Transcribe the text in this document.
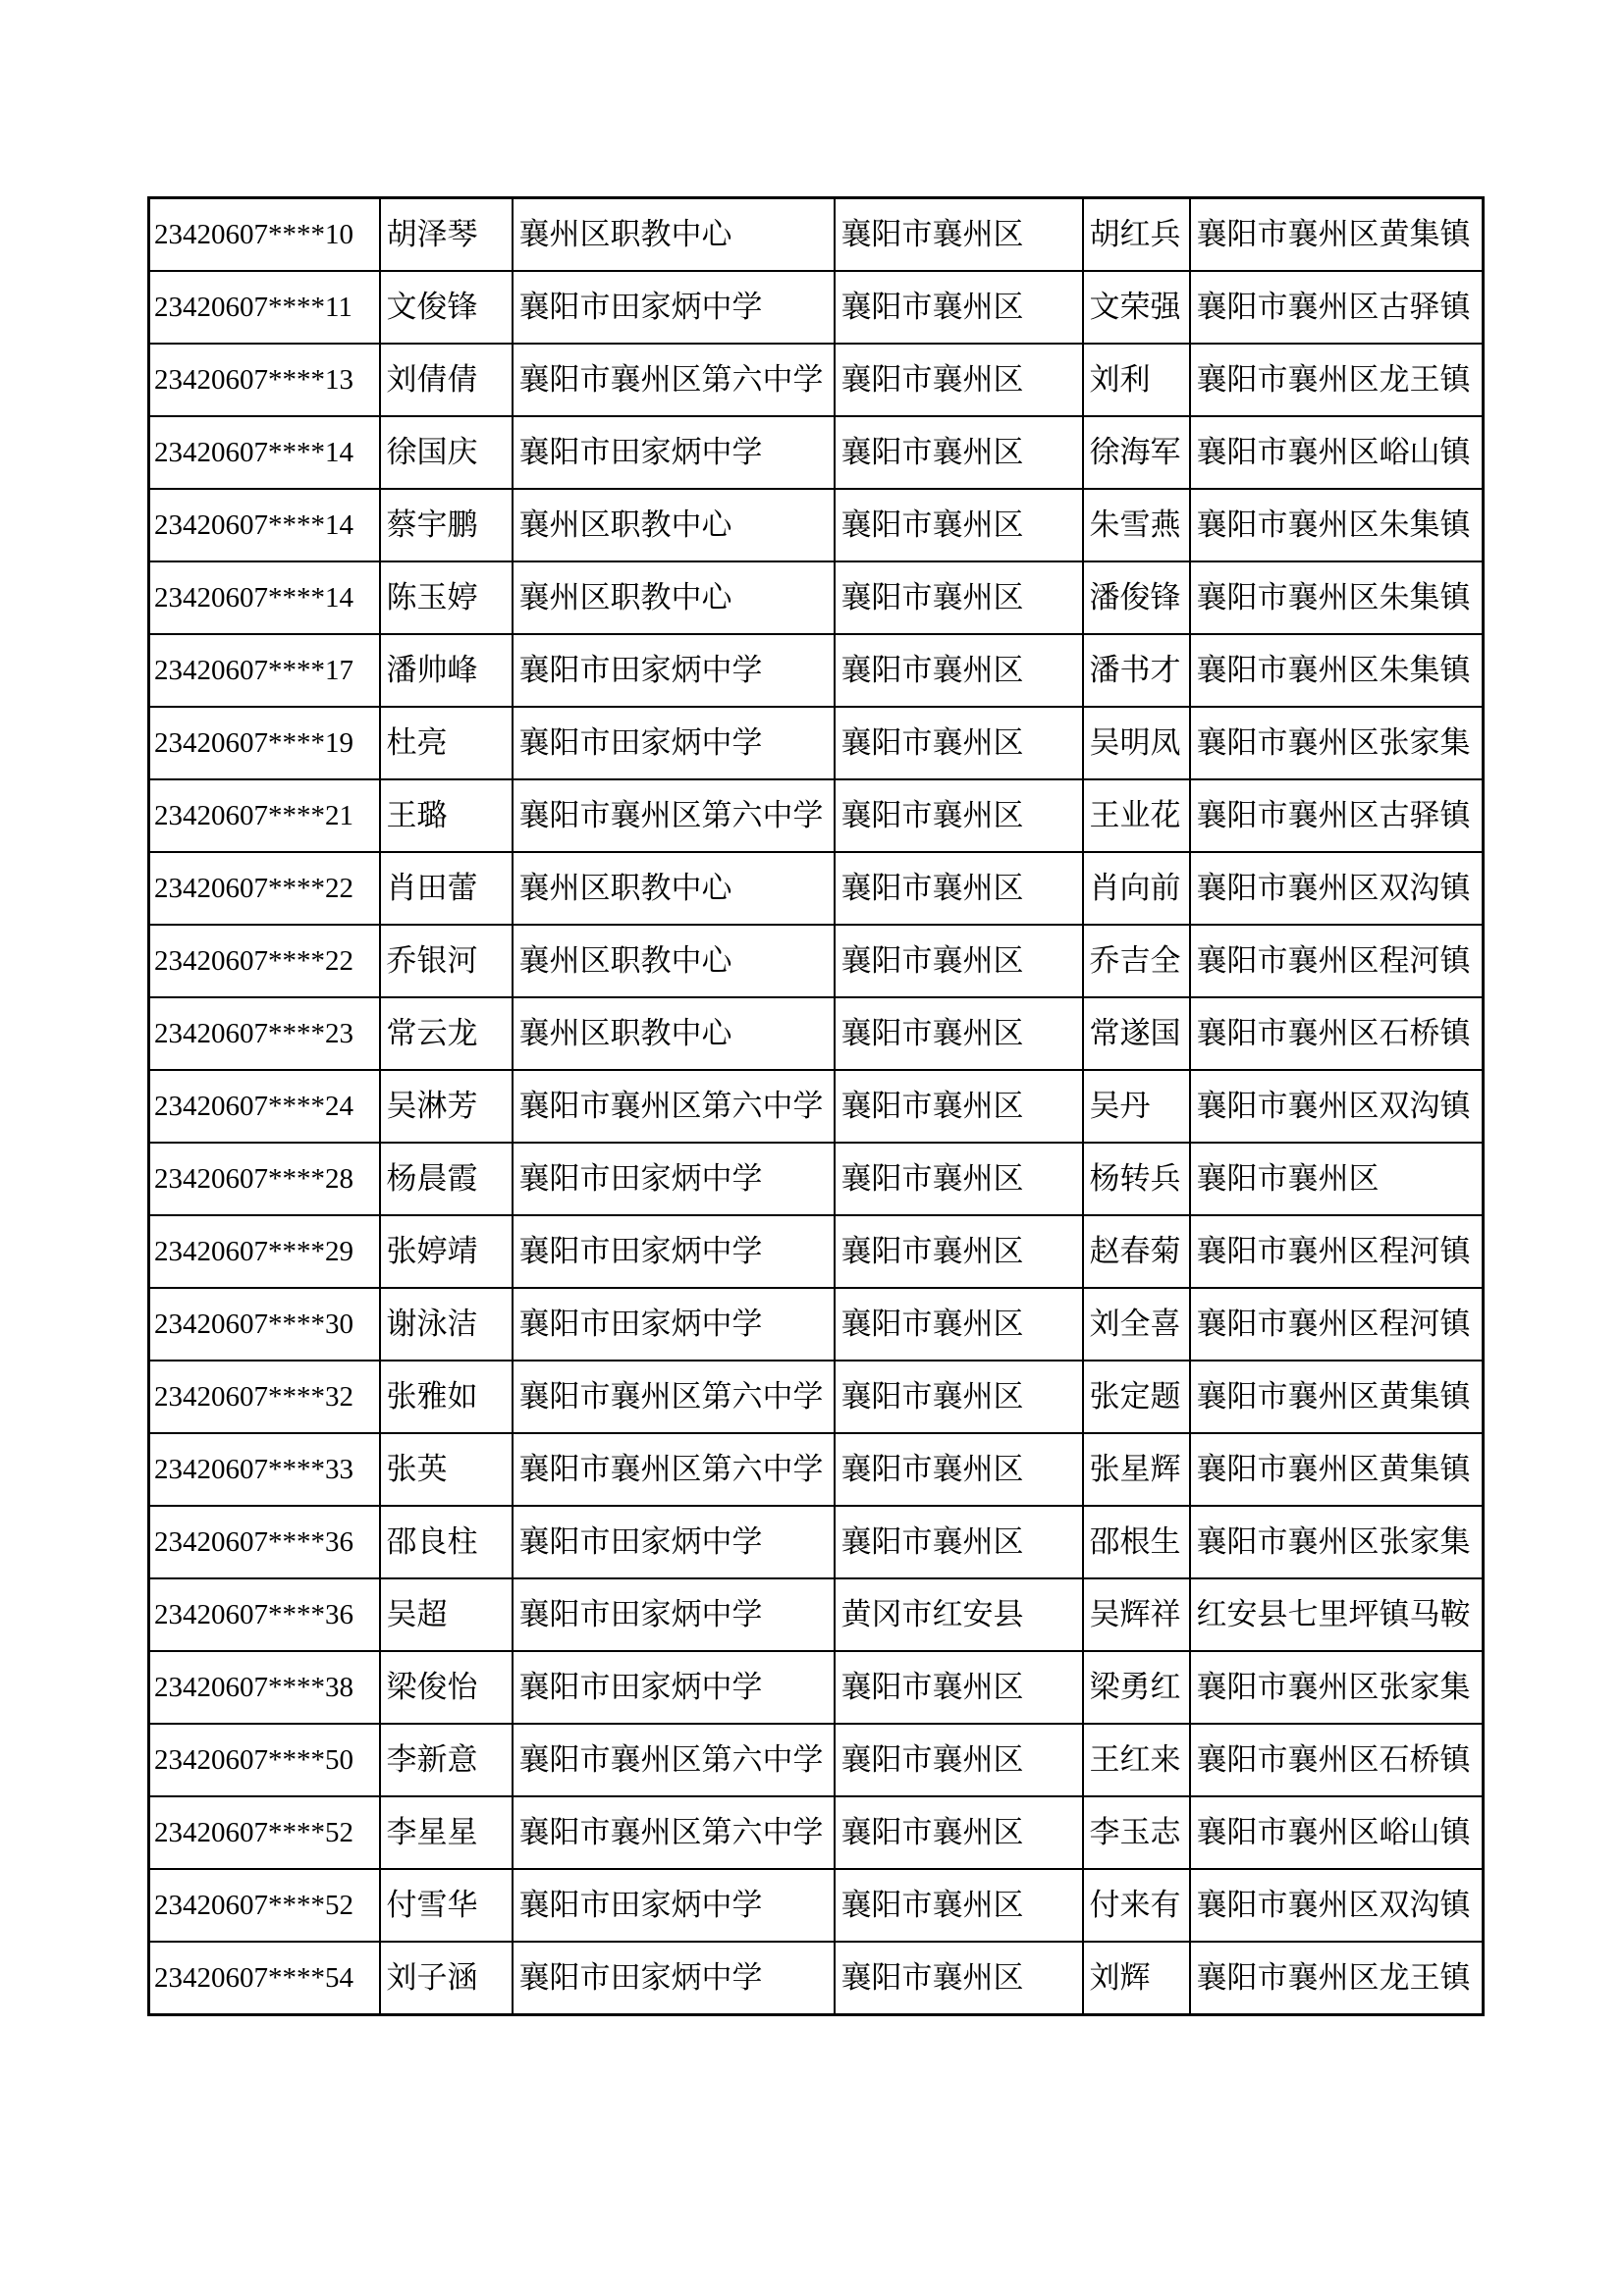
23420607****10	胡泽琴	襄州区职教中心	襄阳市襄州区	胡红兵	襄阳市襄州区黄集镇
23420607****11	文俊锋	襄阳市田家炳中学	襄阳市襄州区	文荣强	襄阳市襄州区古驿镇
23420607****13	刘倩倩	襄阳市襄州区第六中学	襄阳市襄州区	刘利	襄阳市襄州区龙王镇
23420607****14	徐国庆	襄阳市田家炳中学	襄阳市襄州区	徐海军	襄阳市襄州区峪山镇
23420607****14	蔡宇鹏	襄州区职教中心	襄阳市襄州区	朱雪燕	襄阳市襄州区朱集镇
23420607****14	陈玉婷	襄州区职教中心	襄阳市襄州区	潘俊锋	襄阳市襄州区朱集镇
23420607****17	潘帅峰	襄阳市田家炳中学	襄阳市襄州区	潘书才	襄阳市襄州区朱集镇
23420607****19	杜亮	襄阳市田家炳中学	襄阳市襄州区	吴明凤	襄阳市襄州区张家集
23420607****21	王璐	襄阳市襄州区第六中学	襄阳市襄州区	王业花	襄阳市襄州区古驿镇
23420607****22	肖田蕾	襄州区职教中心	襄阳市襄州区	肖向前	襄阳市襄州区双沟镇
23420607****22	乔银河	襄州区职教中心	襄阳市襄州区	乔吉全	襄阳市襄州区程河镇
23420607****23	常云龙	襄州区职教中心	襄阳市襄州区	常遂国	襄阳市襄州区石桥镇
23420607****24	吴淋芳	襄阳市襄州区第六中学	襄阳市襄州区	吴丹	襄阳市襄州区双沟镇
23420607****28	杨晨霞	襄阳市田家炳中学	襄阳市襄州区	杨转兵	襄阳市襄州区
23420607****29	张婷靖	襄阳市田家炳中学	襄阳市襄州区	赵春菊	襄阳市襄州区程河镇
23420607****30	谢泳洁	襄阳市田家炳中学	襄阳市襄州区	刘全喜	襄阳市襄州区程河镇
23420607****32	张雅如	襄阳市襄州区第六中学	襄阳市襄州区	张定题	襄阳市襄州区黄集镇
23420607****33	张英	襄阳市襄州区第六中学	襄阳市襄州区	张星辉	襄阳市襄州区黄集镇
23420607****36	邵良柱	襄阳市田家炳中学	襄阳市襄州区	邵根生	襄阳市襄州区张家集
23420607****36	吴超	襄阳市田家炳中学	黄冈市红安县	吴辉祥	红安县七里坪镇马鞍
23420607****38	梁俊怡	襄阳市田家炳中学	襄阳市襄州区	梁勇红	襄阳市襄州区张家集
23420607****50	李新意	襄阳市襄州区第六中学	襄阳市襄州区	王红来	襄阳市襄州区石桥镇
23420607****52	李星星	襄阳市襄州区第六中学	襄阳市襄州区	李玉志	襄阳市襄州区峪山镇
23420607****52	付雪华	襄阳市田家炳中学	襄阳市襄州区	付来有	襄阳市襄州区双沟镇
23420607****54	刘子涵	襄阳市田家炳中学	襄阳市襄州区	刘辉	襄阳市襄州区龙王镇
